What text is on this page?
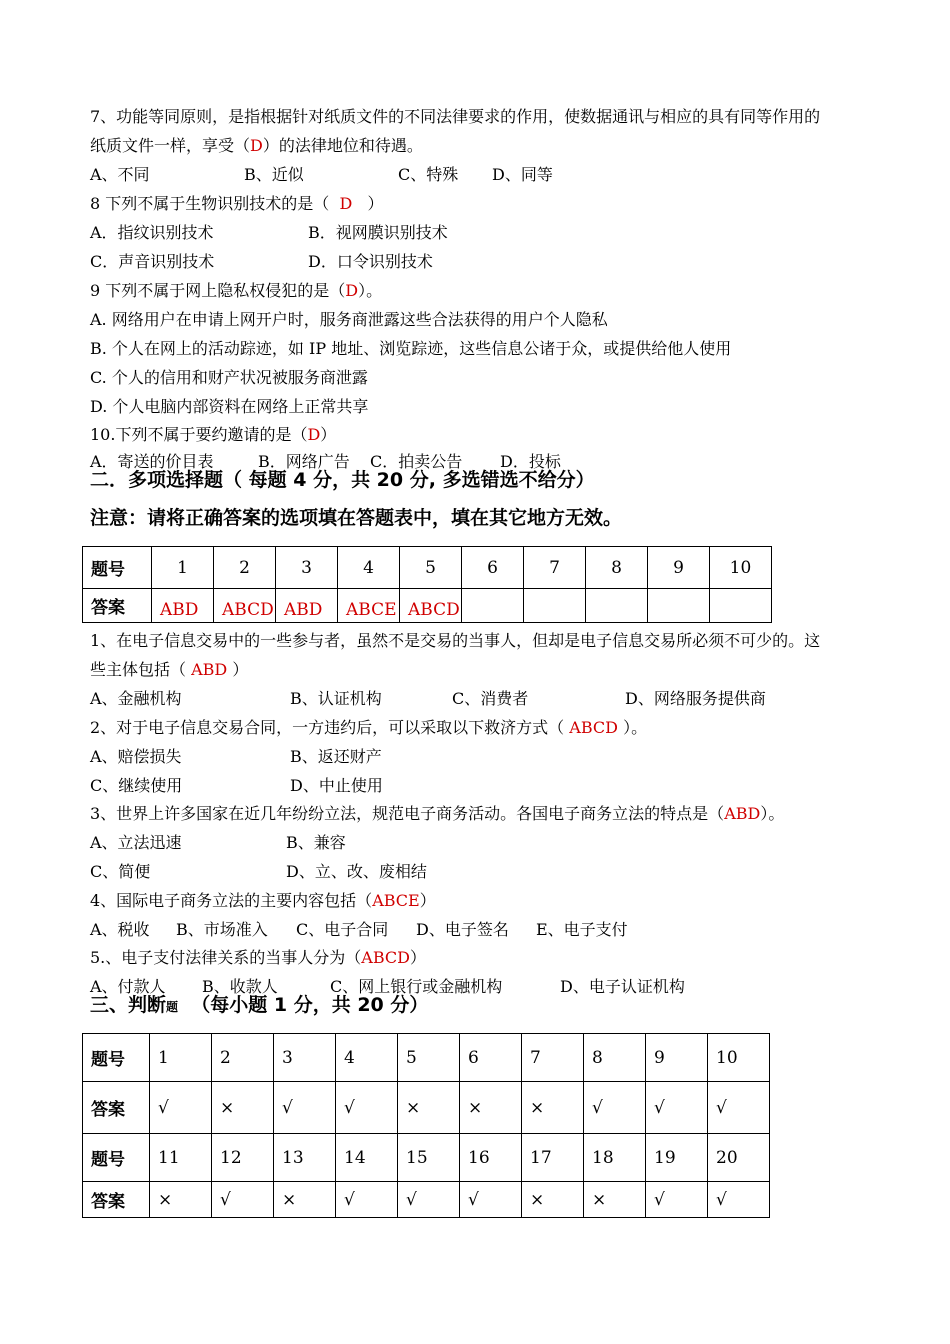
7、功能等同原则，是指根据针对纸质文件的不同法律要求的作用，使数据通讯与相应的具有同等作用的
纸质文件一样，享受（D）的法律地位和待遇。
A、不同	B、近似	C、特殊 D、同等
8 下列不属于生物识别技术的是（ D ）
A．指纹识别技术	B．视网膜识别技术
C．声音识别技术	D．口令识别技术
9 下列不属于网上隐私权侵犯的是（D）。
A. 网络用户在申请上网开户时，服务商泄露这些合法获得的用户个人隐私
B. 个人在网上的活动踪迹，如 IP 地址、浏览踪迹，这些信息公诸于众，或提供给他人使用
C. 个人的信用和财产状况被服务商泄露
D. 个人电脑内部资料在网络上正常共享
10.下列不属于要约邀请的是（D）
A．寄送的价目表	B．网络广告 C．拍卖公告 D．投标
二．多项选择题（ 每题 4 分，共 20 分, 多选错选不给分）
注意：请将正确答案的选项填在答题表中，填在其它地方无效。
题号	1	2	3	4	5	6	7	8	9	10
答案	ABD	ABCD	ABD	ABCE	ABCD					
1、在电子信息交易中的一些参与者，虽然不是交易的当事人，但却是电子信息交易所必须不可少的。这
些主体包括（ ABD ）
A、金融机构	B、认证机构	C、消费者	D、网络服务提供商
2、对于电子信息交易合同，一方违约后，可以采取以下救济方式（ ABCD ）。
A、赔偿损失	B、返还财产
C、继续使用	D、中止使用
3、世界上许多国家在近几年纷纷立法，规范电子商务活动。各国电子商务立法的特点是（ABD）。
A、立法迅速	B、兼容
C、简便	D、立、改、废相结
4、国际电子商务立法的主要内容包括（ABCE）
A、税收 B、市场准入 C、电子合同 D、电子签名 E、电子支付
5.、电子支付法律关系的当事人分为（ABCD）
A、付款人 B、收款人	C、网上银行或金融机构	D、电子认证机构
三、判断题 （每小题 1 分，共 20 分）
题号	1	2	3	4	5	6	7	8	9	10
答案	√	×	√	√	×	×	×	√	√	√
题号	11	12	13	14	15	16	17	18	19	20
答案	×	√	×	√	√	√	×	×	√	√
